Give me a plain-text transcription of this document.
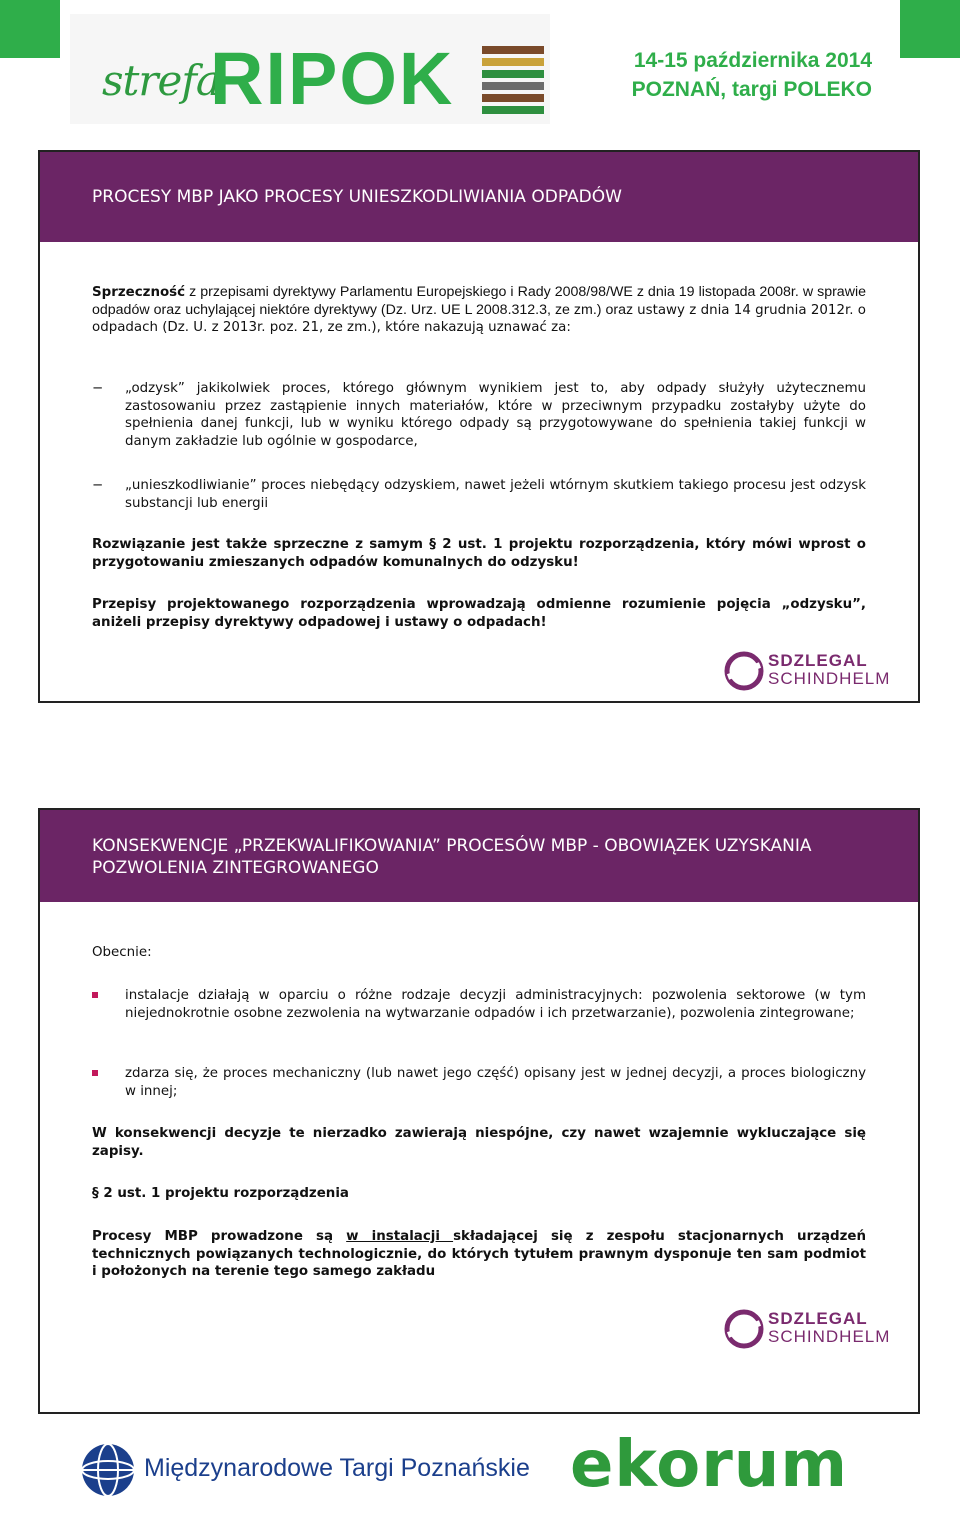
strefa
RIPOK	14-15 października 2014
POZNAŃ, targi POLEKO
PROCESY MBP JAKO PROCESY UNIESZKODLIWIANIA ODPADÓW
Sprzeczność z przepisami dyrektywy Parlamentu Europejskiego i Rady 2008/98/WE z dnia 19 listopada 2008r. w sprawie odpadów oraz uchylającej niektóre dyrektywy (Dz. Urz. UE L 2008.312.3, ze zm.) oraz ustawy z dnia 14 grudnia 2012r. o odpadach (Dz. U. z 2013r. poz. 21, ze zm.), które nakazują uznawać za:
− „odzysk” jakikolwiek proces, którego głównym wynikiem jest to, aby odpady służyły użytecznemu zastosowaniu przez zastąpienie innych materiałów, które w przeciwnym przypadku zostałyby użyte do spełnienia danej funkcji, lub w wyniku którego odpady są przygotowywane do spełnienia takiej funkcji w danym zakładzie lub ogólnie w gospodarce,
− „unieszkodliwianie” proces niebędący odzyskiem, nawet jeżeli wtórnym skutkiem takiego procesu jest odzysk substancji lub energii
Rozwiązanie jest także sprzeczne z samym § 2 ust. 1 projektu rozporządzenia, który mówi wprost o przygotowaniu zmieszanych odpadów komunalnych do odzysku!
Przepisy projektowanego rozporządzenia wprowadzają odmienne rozumienie pojęcia „odzysku”, aniżeli przepisy dyrektywy odpadowej i ustawy o odpadach!
SDZLEGAL
SCHINDHELM
KONSEKWENCJE „PRZEKWALIFIKOWANIA” PROCESÓW MBP - OBOWIĄZEK UZYSKANIA POZWOLENIA ZINTEGROWANEGO
Obecnie:
instalacje działają w oparciu o różne rodzaje decyzji administracyjnych: pozwolenia sektorowe (w tym niejednokrotnie osobne zezwolenia na wytwarzanie odpadów i ich przetwarzanie), pozwolenia zintegrowane;
zdarza się, że proces mechaniczny (lub nawet jego część) opisany jest w jednej decyzji, a proces biologiczny w innej;
W konsekwencji decyzje te nierzadko zawierają niespójne, czy nawet wzajemnie wykluczające się zapisy.
§ 2 ust. 1 projektu rozporządzenia
Procesy MBP prowadzone są w instalacji składającej się z zespołu stacjonarnych urządzeń technicznych powiązanych technologicznie, do których tytułem prawnym dysponuje ten sam podmiot i położonych na terenie tego samego zakładu
SDZLEGAL
SCHINDHELM
Międzynarodowe Targi Poznańskie ekorum
